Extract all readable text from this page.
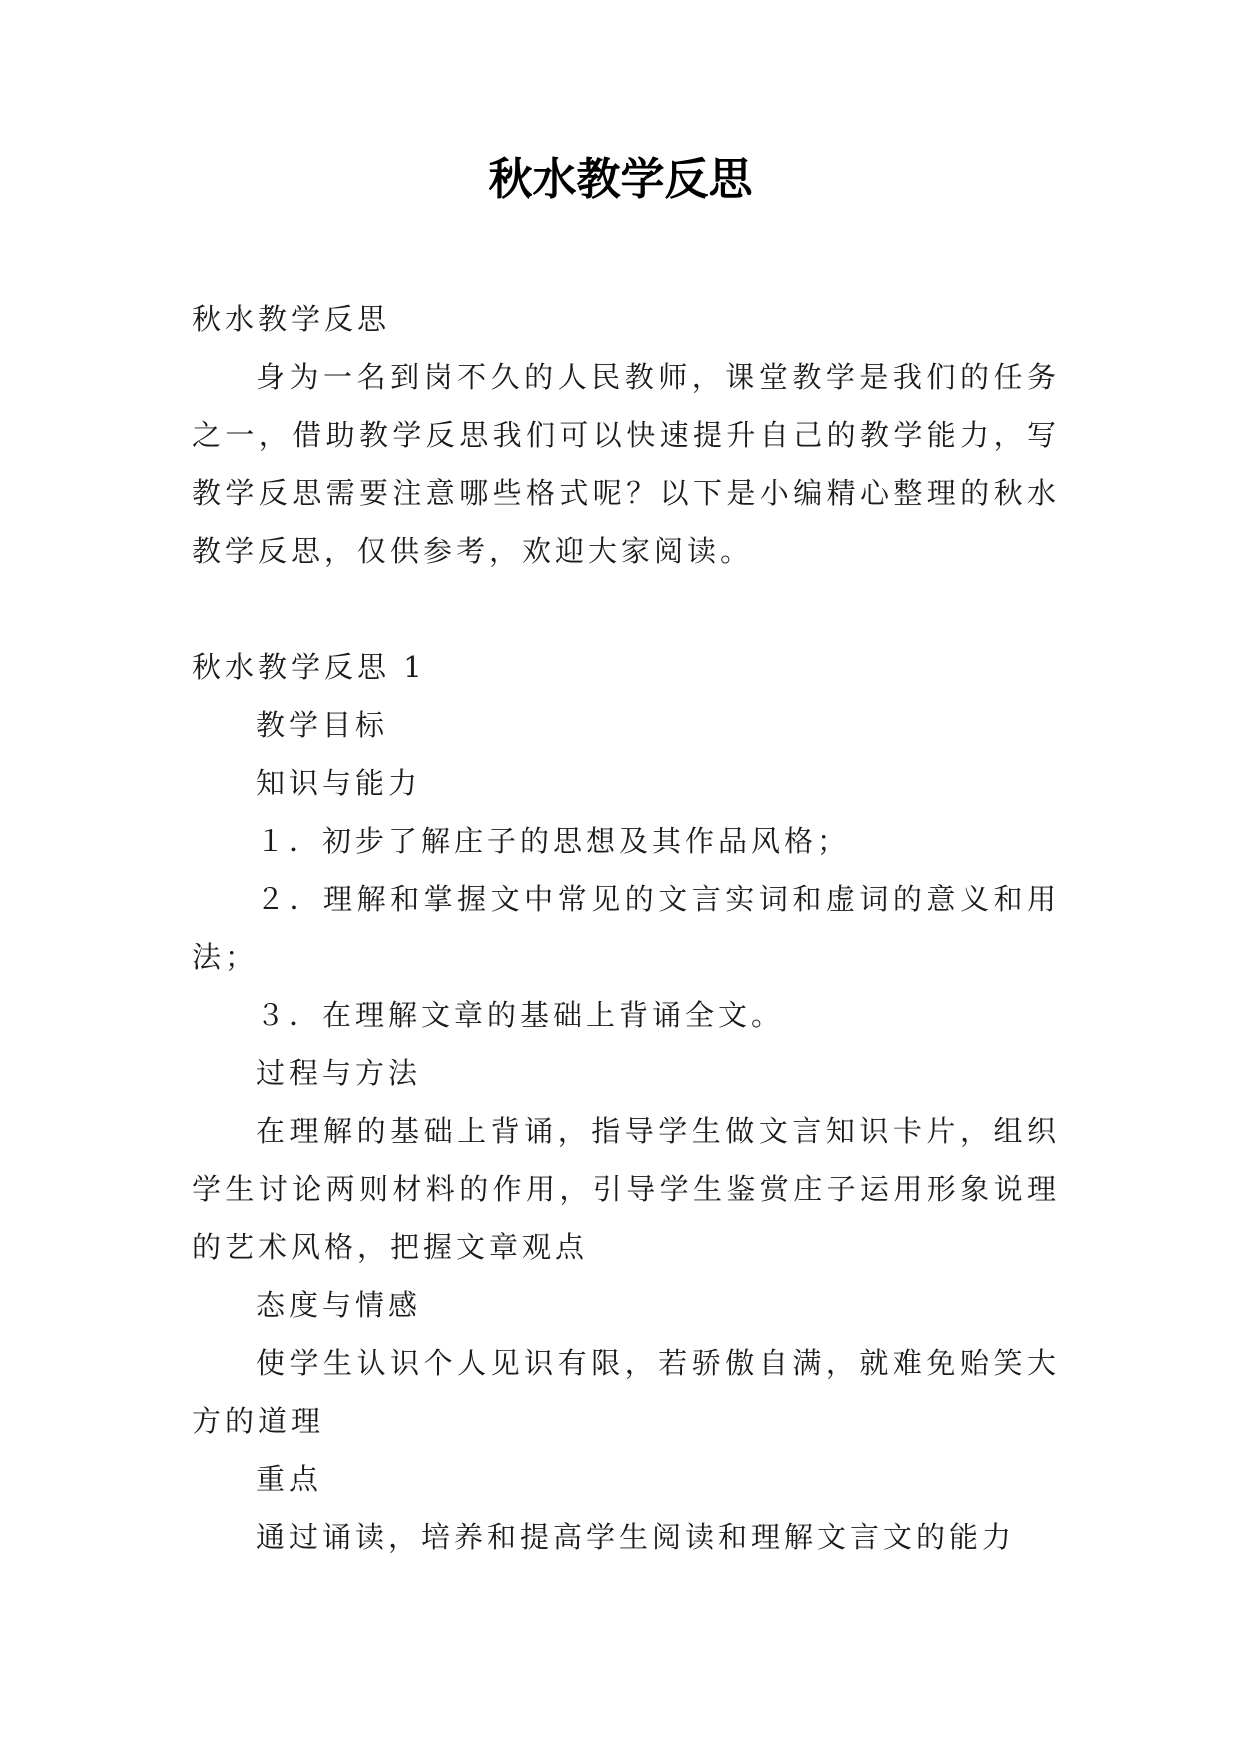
秋水教学反思

秋水教学反思

身为一名到岗不久的人民教师，课堂教学是我们的任务之一，借助教学反思我们可以快速提升自己的教学能力，写教学反思需要注意哪些格式呢？以下是小编精心整理的秋水教学反思，仅供参考，欢迎大家阅读。

秋水教学反思 1

教学目标

知识与能力

１．初步了解庄子的思想及其作品风格；

２．理解和掌握文中常见的文言实词和虚词的意义和用法；

３．在理解文章的基础上背诵全文。

过程与方法

在理解的基础上背诵，指导学生做文言知识卡片，组织学生讨论两则材料的作用，引导学生鉴赏庄子运用形象说理的艺术风格，把握文章观点

态度与情感

使学生认识个人见识有限，若骄傲自满，就难免贻笑大方的道理

重点

通过诵读，培养和提高学生阅读和理解文言文的能力
